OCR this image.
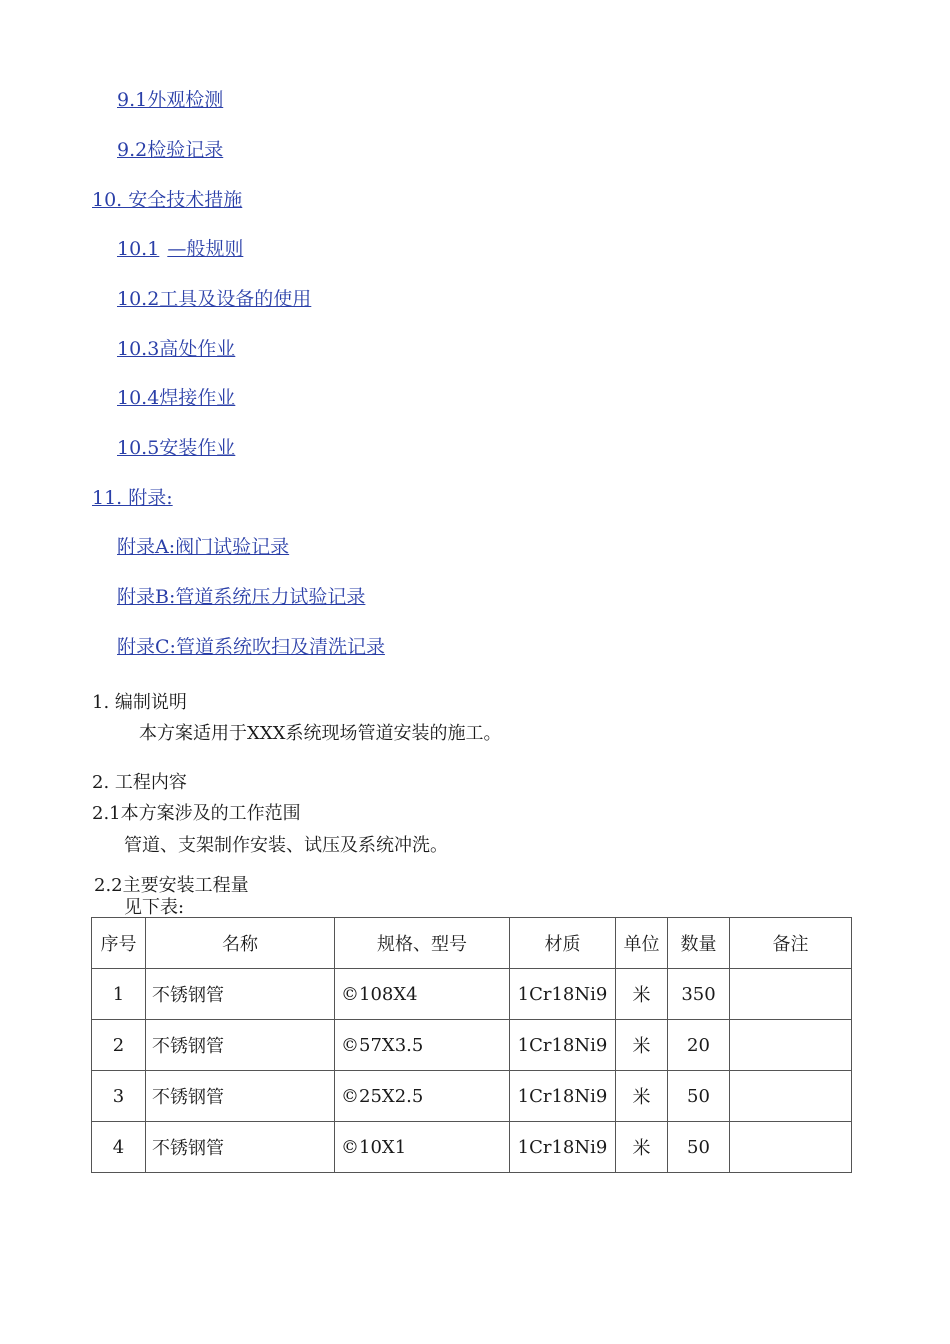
9.1外观检测
9.2检验记录
10. 安全技术措施
10.1 —般规则
10.2工具及设备的使用
10.3高处作业
10.4焊接作业
10.5安装作业
11. 附录:
附录A:阀门试验记录
附录B:管道系统压力试验记录
附录C:管道系统吹扫及清洗记录
1. 编制说明
本方案适用于XXX系统现场管道安装的施工。
2. 工程内容
2.1本方案涉及的工作范围
管道、支架制作安装、试压及系统冲洗。
2.2主要安装工程量
见下表:
序号	名称	规格、型号	材质	单位	数量	备注
1	不锈钢管	©108X4	1Cr18Ni9	米	350	
2	不锈钢管	©57X3.5	1Cr18Ni9	米	20	
3	不锈钢管	©25X2.5	1Cr18Ni9	米	50	
4	不锈钢管	©10X1	1Cr18Ni9	米	50	
